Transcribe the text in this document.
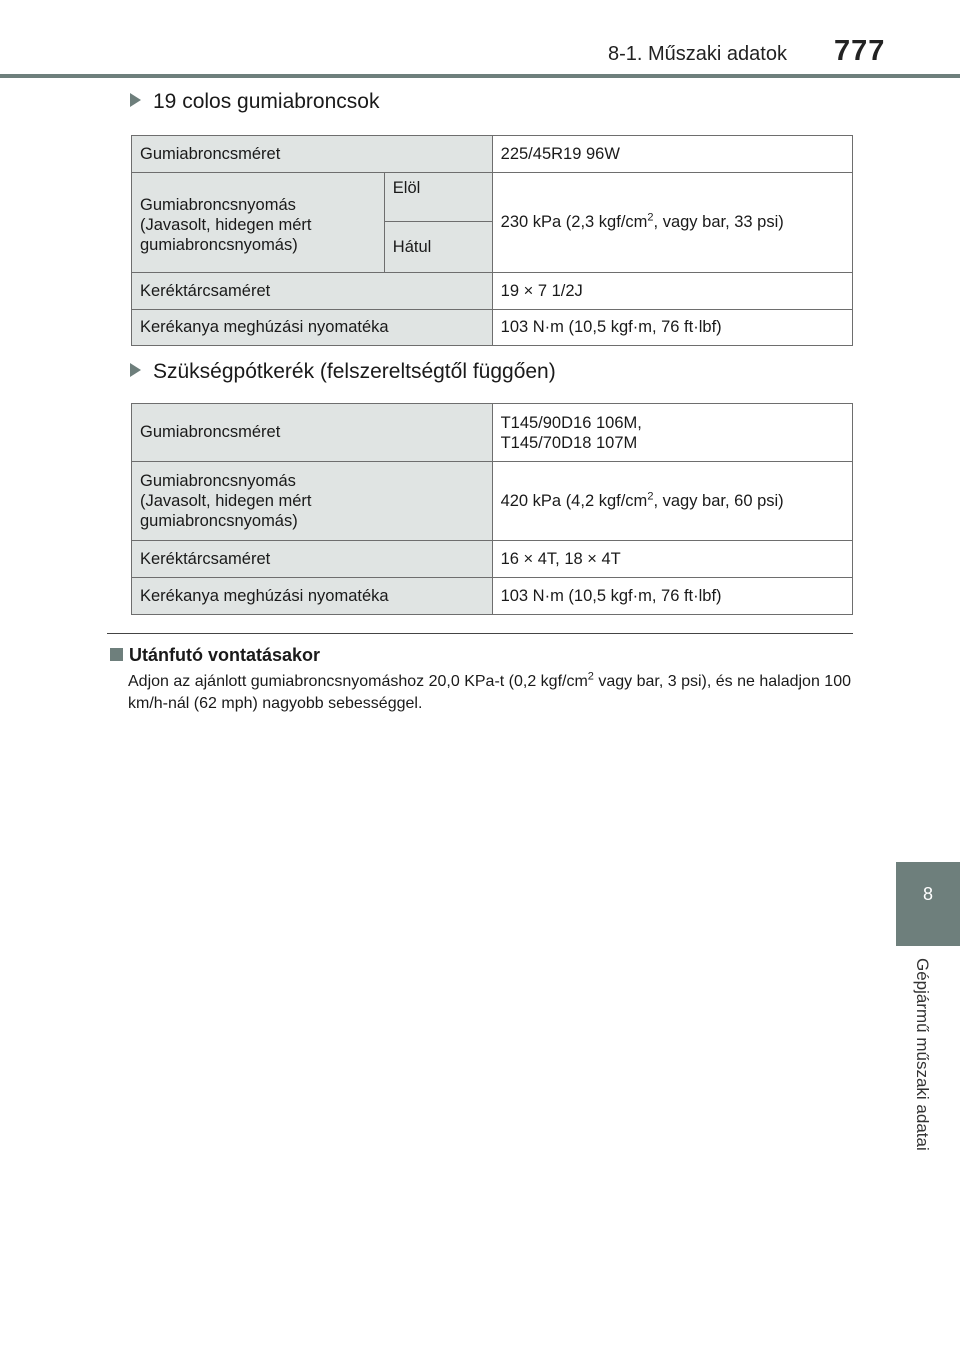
8-1. Műszaki adatok 777
8
Gépjármű műszaki adatai
19 colos gumiabroncsok
Gumiabroncsméret		225/45R19 96W
Gumiabroncsnyomás
(Javasolt, hidegen mért
gumiabroncsnyomás)	Elöl	230 kPa (2,3 kgf/$cm^2$, vagy bar, 33 psi)
	Hátul	
Keréktárcsaméret		19 × 7 1/2J
Kerékanya meghúzási nyomatéka		103 N·m (10,5 kgf·m, 76 ft·lbf)
Szükségpótkerék (felszereltségtől függően)
Gumiabroncsméret	T145/90D16 106M,
T145/70D18 107M
Gumiabroncsnyomás
(Javasolt, hidegen mért
gumiabroncsnyomás)	420 kPa (4,2 kgf/$cm^2$, vagy bar, 60 psi)
Keréktárcsaméret	16 × 4T, 18 × 4T
Kerékanya meghúzási nyomatéka	103 N·m (10,5 kgf·m, 76 ft·lbf)
Utánfutó vontatásakor
Adjon az ajánlott gumiabroncsnyomáshoz 20,0 KPa-t (0,2 kgf/$cm^2$ vagy bar, 3 psi), és ne haladjon 100 km/h-nál (62 mph) nagyobb sebességgel.
